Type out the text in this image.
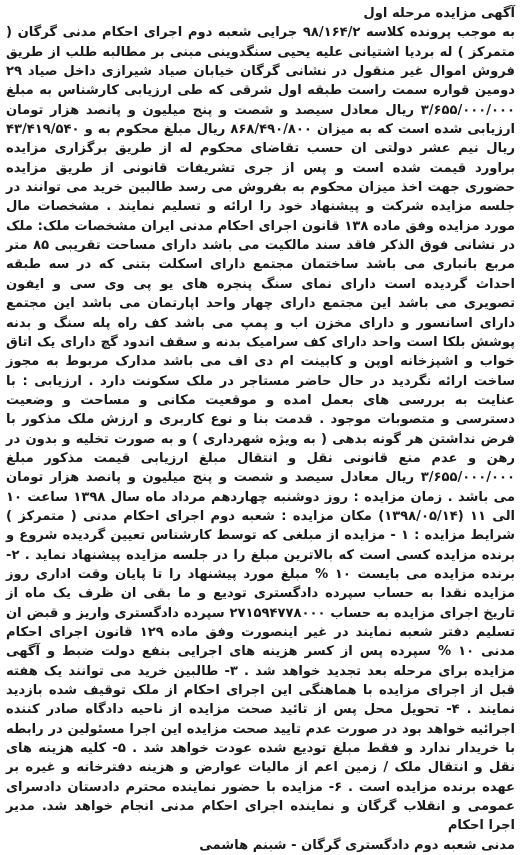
آگهی مزایده مرحله اول

به موجب پرونده کلاسه ۹۸/۱۶۴/۲ جرایی شعبه دوم اجرای احکام مدنی گرگان ( متمرکز ) له بردیا اشتیانی علیه یحیی سنگدوینی مبنی بر مطالبه طلب از طریق فروش اموال غیر منقول در نشانی گرگان خیابان صیاد شیرازی داخل صیاد ۲۹ دومین قواره سمت راست طبقه اول شرقی که طی ارزیابی کارشناس به مبلغ ۳/۶۵۵/۰۰۰/۰۰۰ ریال معادل سیصد و شصت و پنج میلیون و پانصد هزار تومان ارزیابی شده است که به میزان ۸۶۸/۴۹۰/۸۰۰ ریال مبلغ محکوم به و ۴۳/۴۱۹/۵۴۰ ریال نیم عشر دولتی ان حسب تقاضای محکوم له از طریق برگزاری مزایده براورد قیمت شده است و پس از جری تشریفات قانونی از طریق مزایده حضوری جهت اخذ میزان محکوم به بفروش می رسد طالبین خرید می توانند در جلسه مزایده شرکت و پیشنهاد خود را ارائه و تسلیم نمایند . مشخصات مال مورد مزایده وفق ماده ۱۳۸ قانون اجرای احکام مدنی ایران مشخصات ملک: ملک در نشانی فوق الذکر فاقد سند مالکیت می باشد دارای مساحت تقریبی ۸۵ متر مربع بانباری می باشد ساختمان مجتمع دارای اسکلت بتنی که در سه طبقه احداث گردیده است دارای نمای سنگ پنجره های یو پی وی سی و ایفون تصویری می باشد این مجتمع دارای چهار واحد اپارتمان می باشد این مجتمع دارای اسانسور و دارای مخزن اب و پمپ می باشد کف راه پله سنگ و بدنه پوشش بلکا است واحد دارای کف سرامیک بدنه و سقف اندود گچ دارای یک اتاق خواب و اشپزخانه اوپن و کابینت ام دی اف می باشد مدارک مربوط به مجوز ساخت ارائه نگردید در حال حاضر مستاجر در ملک سکونت دارد . ارزیابی : با عنایت به بررسی های بعمل امده و موقعیت مکانی و مساحت و وضعیت دسترسی و متصوبات موجود . قدمت بنا و نوع کاربری و ارزش ملک مذکور با فرض نداشتن هر گونه بدهی ( به ویژه شهرداری ) و به صورت تخلیه و بدون در رهن و عدم منع قانونی نقل و انتقال مبلغ ارزیابی قیمت مذکور مبلغ ۳/۶۵۵/۰۰۰/۰۰۰ ریال معادل سیصد و شصت و پنج میلیون و پانصد هزار تومان می باشد . زمان مزایده : روز دوشنبه چهاردهم مرداد ماه سال ۱۳۹۸ ساعت ۱۰ الی ۱۱ (۱۳۹۸/۰۵/۱۴) مکان مزایده : شعبه دوم اجرای احکام مدنی ( متمرکز ) شرایط مزایده : ۱ - مزایده از مبلغی که توسط کارشناس تعیین گردیده شروع و برنده مزایده کسی است که بالاترین مبلغ را در جلسه مزایده پیشنهاد نماید . ۲- برنده مزایده می بایست ۱۰ % مبلغ مورد پیشنهاد را تا پایان وقت اداری روز مزایده نقدا به حساب سپرده دادگستری تودیع و ما بقی ان ظرف یک ماه از تاریخ اجرای مزایده به حساب ۲۷۱۵۹۴۷۷۸۰۰۰ سپرده دادگستری واریز و قبض ان تسلیم دفتر شعبه نمایند در غیر اینصورت وفق ماده ۱۲۹ قانون اجرای احکام مدنی ۱۰ % سپرده پس از کسر هزینه های اجرایی بنفع دولت ضبط و آگهی مزایده برای مرحله بعد تجدید خواهد شد . ۳- طالبین خرید می توانند یک هفته قبل از اجرای مزایده با هماهنگی این اجرای احکام از ملک توقیف شده بازدید نمایند . ۴- تحویل محل پس از تائید صحت مزایده از ناحیه دادگاه صادر کننده اجرائیه خواهد بود در صورت عدم تایید صحت مزایده این اجرا مسئولین در رابطه با خریدار ندارد و فقط مبلغ تودیع شده عودت خواهد شد . ۵- کلیه هزینه های نقل و انتقال ملک / زمین اعم از مالیات عوارض و هزینه دفترخانه و غیره بر عهده برنده مزایده است . ۶- مزایده با حضور نماینده محترم دادستان دادسرای عمومی و انقلاب گرگان و نماینده اجرای احکام مدنی انجام خواهد شد. مدیر اجرا احکام

مدنی شعبه دوم دادگستری گرگان - شبنم هاشمی
